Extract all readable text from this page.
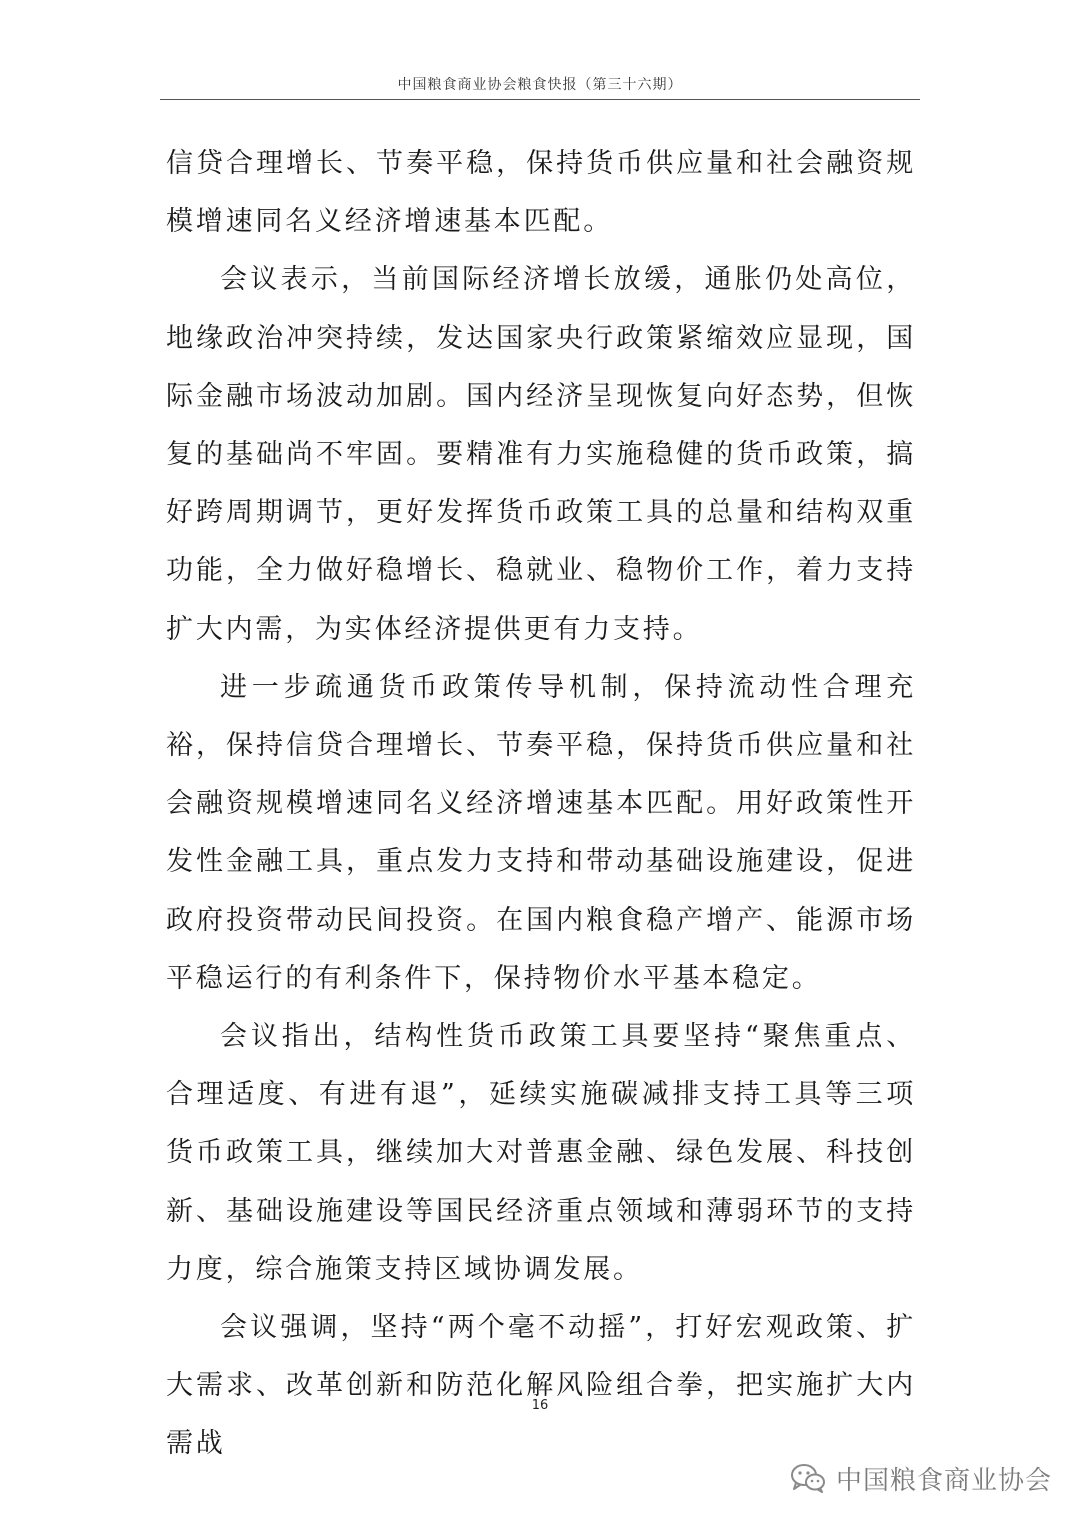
中国粮食商业协会粮食快报（第三十六期）

信贷合理增长、节奏平稳，保持货币供应量和社会融资规模增速同名义经济增速基本匹配。

会议表示，当前国际经济增长放缓，通胀仍处高位，地缘政治冲突持续，发达国家央行政策紧缩效应显现，国际金融市场波动加剧。国内经济呈现恢复向好态势，但恢复的基础尚不牢固。要精准有力实施稳健的货币政策，搞好跨周期调节，更好发挥货币政策工具的总量和结构双重功能，全力做好稳增长、稳就业、稳物价工作，着力支持扩大内需，为实体经济提供更有力支持。

进一步疏通货币政策传导机制，保持流动性合理充裕，保持信贷合理增长、节奏平稳，保持货币供应量和社会融资规模增速同名义经济增速基本匹配。用好政策性开发性金融工具，重点发力支持和带动基础设施建设，促进政府投资带动民间投资。在国内粮食稳产增产、能源市场平稳运行的有利条件下，保持物价水平基本稳定。

会议指出，结构性货币政策工具要坚持“聚焦重点、合理适度、有进有退”，延续实施碳减排支持工具等三项货币政策工具，继续加大对普惠金融、绿色发展、科技创新、基础设施建设等国民经济重点领域和薄弱环节的支持力度，综合施策支持区域协调发展。

会议强调，坚持“两个毫不动摇”，打好宏观政策、扩大需求、改革创新和防范化解风险组合拳，把实施扩大内需战

16
中国粮食商业协会
